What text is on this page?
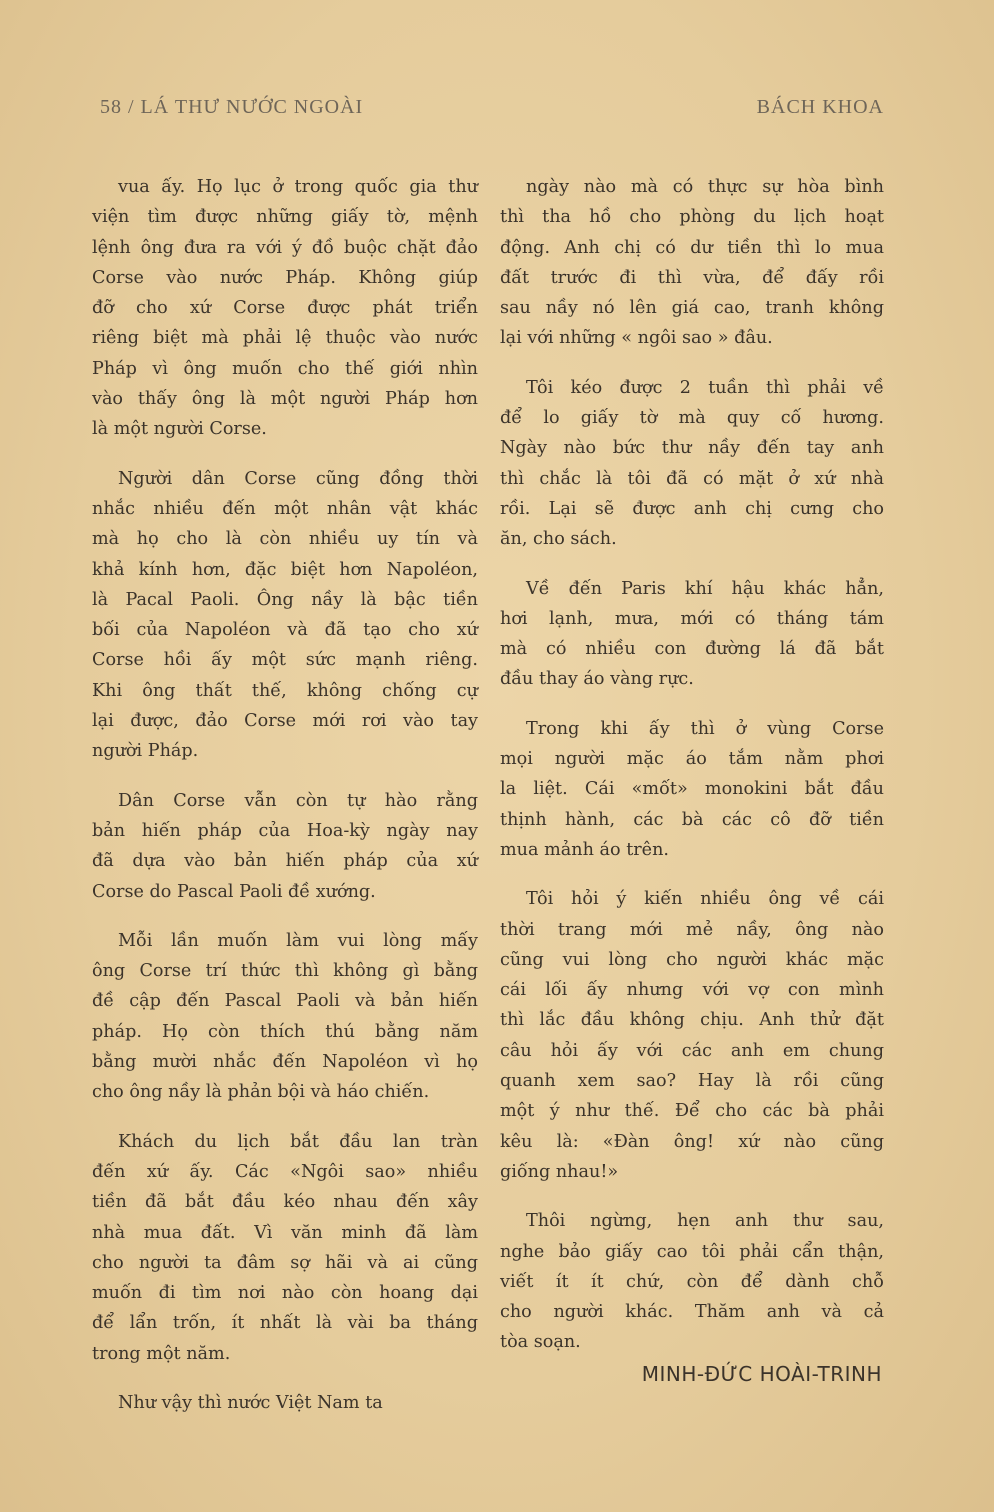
58 / LÁ THƯ NƯỚC NGOÀI	BÁCH KHOA
vua ấy. Họ lục ở trong quốc gia thư
viện tìm được những giấy tờ, mệnh
lệnh ông đưa ra với ý đồ buộc chặt đảo
Corse vào nước Pháp. Không giúp
đỡ cho xứ Corse được phát triển
riêng biệt mà phải lệ thuộc vào nước
Pháp vì ông muốn cho thế giới nhìn
vào thấy ông là một người Pháp hơn
là một người Corse.
Người dân Corse cũng đồng thời
nhắc nhiều đến một nhân vật khác
mà họ cho là còn nhiều uy tín và
khả kính hơn, đặc biệt hơn Napoléon,
là Pacal Paoli. Ông nầy là bậc tiền
bối của Napoléon và đã tạo cho xứ
Corse hồi ấy một sức mạnh riêng.
Khi ông thất thế, không chống cự
lại được, đảo Corse mới rơi vào tay
người Pháp.
Dân Corse vẫn còn tự hào rằng
bản hiến pháp của Hoa-kỳ ngày nay
đã dựa vào bản hiến pháp của xứ
Corse do Pascal Paoli đề xướng.
Mỗi lần muốn làm vui lòng mấy
ông Corse trí thức thì không gì bằng
đề cập đến Pascal Paoli và bản hiến
pháp. Họ còn thích thú bằng năm
bằng mười nhắc đến Napoléon vì họ
cho ông nầy là phản bội và háo chiến.
Khách du lịch bắt đầu lan tràn
đến xứ ấy. Các «Ngôi sao» nhiều
tiền đã bắt đầu kéo nhau đến xây
nhà mua đất. Vì văn minh đã làm
cho người ta đâm sợ hãi và ai cũng
muốn đi tìm nơi nào còn hoang dại
để lẩn trốn, ít nhất là vài ba tháng
trong một năm.
Như vậy thì nước Việt Nam ta
ngày nào mà có thực sự hòa bình
thì tha hồ cho phòng du lịch hoạt
động. Anh chị có dư tiền thì lo mua
đất trước đi thì vừa, để đấy rồi
sau nầy nó lên giá cao, tranh không
lại với những « ngôi sao » đâu.
Tôi kéo được 2 tuần thì phải về
để lo giấy tờ mà quy cố hương.
Ngày nào bức thư nầy đến tay anh
thì chắc là tôi đã có mặt ở xứ nhà
rồi. Lại sẽ được anh chị cưng cho
ăn, cho sách.
Về đến Paris khí hậu khác hẳn,
hơi lạnh, mưa, mới có tháng tám
mà có nhiều con đường lá đã bắt
đầu thay áo vàng rực.
Trong khi ấy thì ở vùng Corse
mọi người mặc áo tắm nằm phơi
la liệt. Cái «mốt» monokini bắt đầu
thịnh hành, các bà các cô đỡ tiền
mua mảnh áo trên.
Tôi hỏi ý kiến nhiều ông về cái
thời trang mới mẻ nầy, ông nào
cũng vui lòng cho người khác mặc
cái lối ấy nhưng với vợ con mình
thì lắc đầu không chịu. Anh thử đặt
câu hỏi ấy với các anh em chung
quanh xem sao? Hay là rồi cũng
một ý như thế. Để cho các bà phải
kêu là: «Đàn ông! xứ nào cũng
giống nhau!»
Thôi ngừng, hẹn anh thư sau,
nghe bảo giấy cao tôi phải cẩn thận,
viết ít ít chứ, còn để dành chỗ
cho người khác. Thăm anh và cả
tòa soạn.
MINH-ĐỨC HOÀI-TRINH
